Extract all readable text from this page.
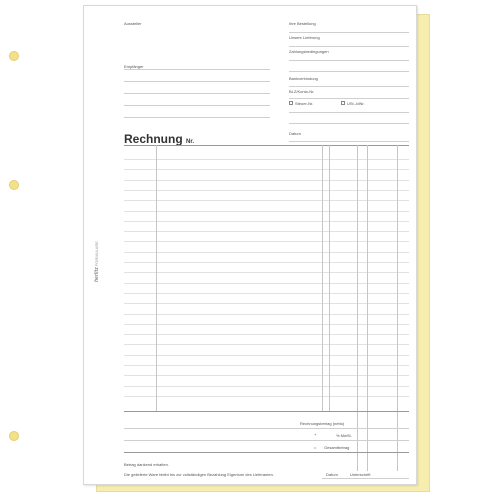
Aussteller
Empfänger
Ihre Bestellung
Unsere Lieferung
Zahlungsbedingungen
Bankverbindung
BLZ/Konto-Nr.
Steuer-Nr.	USt.-IdNr.
Datum
Rechnung Nr.
Rechnungsbetrag (netto)
+	% MwSt.
= Gesamtbetrag
Betrag dankend erhalten.
Die gelieferte Ware bleibt bis zur vollständigen Bezahlung Eigentum des Lieferanten.	Datum	Unterschrift
herlitz FORMULARE
